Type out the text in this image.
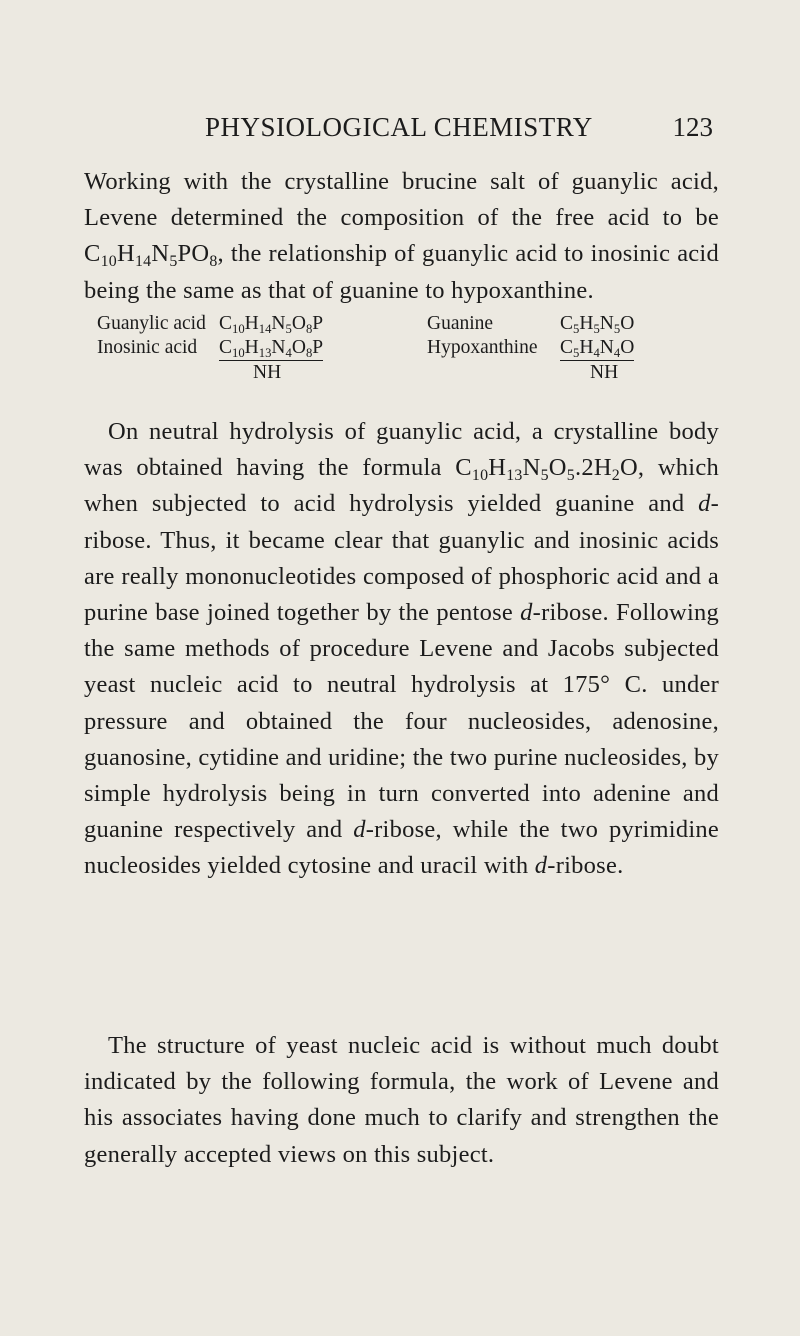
PHYSIOLOGICAL CHEMISTRY	123

Working with the crystalline brucine salt of guanylic acid, Levene determined the composition of the free acid to be $C_{10}H_{14}N_5PO_8$, the relationship of guanylic acid to inosinic acid being the same as that of guanine to hypoxanthine.

Guanylic acid $C_{10}H_{14}N_5O_8P$
Inosinic acid $C_{10}H_{13}N_4O_8P$
NH
Guanine	$C_5H_5N_5O$
Hypoxanthine $C_5H_4N_4O$
NH

On neutral hydrolysis of guanylic acid, a crystalline body was obtained having the formula $C_{10}H_{13}N_5O_5.2H_2O$, which when subjected to acid hydrolysis yielded guanine and d-ribose. Thus, it became clear that guanylic and inosinic acids are really mononucleotides composed of phosphoric acid and a purine base joined together by the pentose d-ribose. Following the same methods of procedure Levene and Jacobs subjected yeast nucleic acid to neutral hydrolysis at 175° C. under pressure and obtained the four nucleosides, adenosine, guanosine, cytidine and uridine; the two purine nucleosides, by simple hydrolysis being in turn converted into adenine and guanine respectively and d-ribose, while the two pyrimidine nucleosides yielded cytosine and uracil with d-ribose.

The structure of yeast nucleic acid is without much doubt indicated by the following formula, the work of Levene and his associates having done much to clarify and strengthen the generally accepted views on this subject.
